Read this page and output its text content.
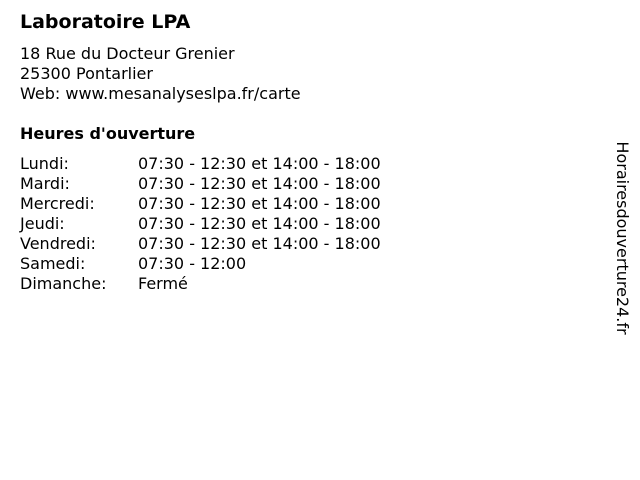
Laboratoire LPA
18 Rue du Docteur Grenier
25300 Pontarlier
Web: www.mesanalyseslpa.fr/carte
Heures d'ouverture
Lundi:	07:30 - 12:30 et 14:00 - 18:00
Mardi:	07:30 - 12:30 et 14:00 - 18:00
Mercredi:	07:30 - 12:30 et 14:00 - 18:00
Jeudi:	07:30 - 12:30 et 14:00 - 18:00
Vendredi:	07:30 - 12:30 et 14:00 - 18:00
Samedi:	07:30 - 12:00
Dimanche: Fermé	Horairesdouverture24.fr
